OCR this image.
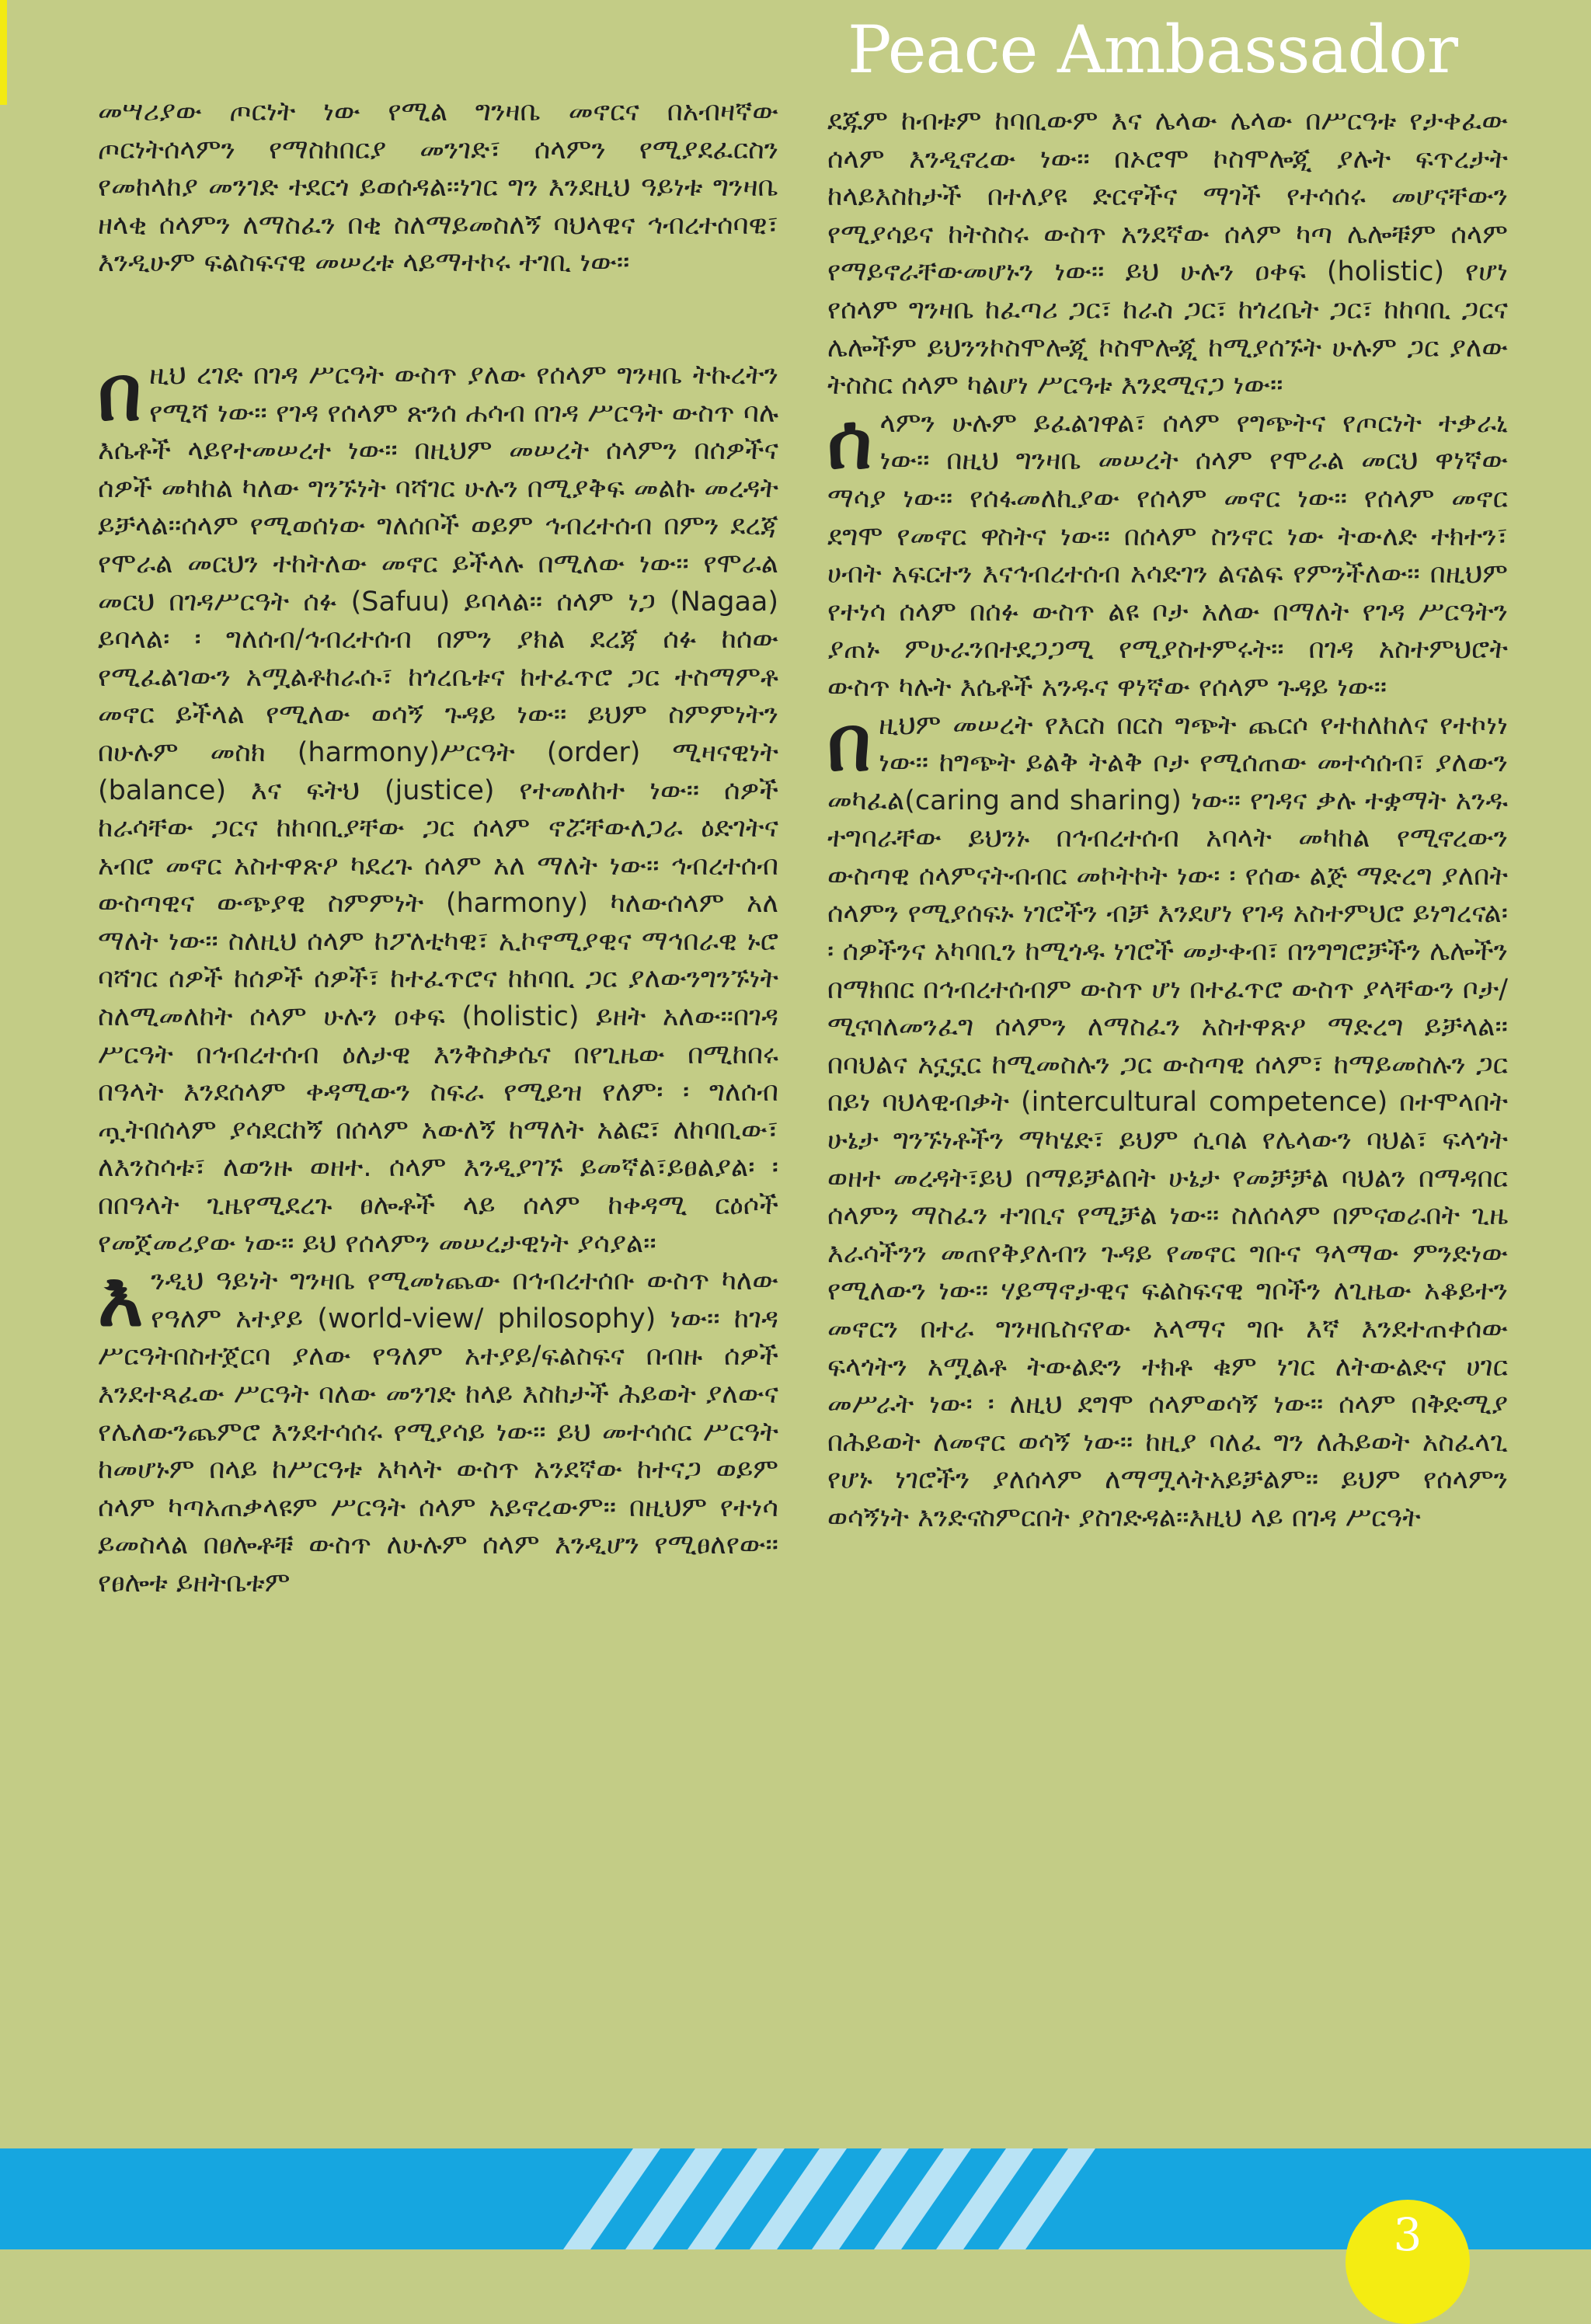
Peace Ambassador

መሣሪያው ጦርነት ነው የሚል ግንዛቤ መኖርና በአብዛኛው ጦርነትሰላምን የማስከበርያ መንገድ፣ ሰላምን የሚያደፈርስን የመከላከያ መንገድ ተደርጎ ይወሰዳል፡፡ነገር ግን እንደዚህ ዓይነቱ ግንዛቤ ዘላቂ ሰላምን ለማስፈን በቂ ስለማይመስለኝ ባህላዊና ኅብረተሰባዊ፣ እንዲሁም ፍልስፍናዊ መሠረቱ ላይማተኮሩ ተገቢ ነው፡፡

በዚህ ረገድ በገዳ ሥርዓት ውስጥ ያለው የሰላም ግንዛቤ ትኩረትን የሚሻ ነው፡፡ የገዳ የሰላም ጽንሰ ሐሳብ በገዳ ሥርዓት ውስጥ ባሉ እሴቶች ላይየተመሠረተ ነው፡፡ በዚህም መሠረት ሰላምን በሰዎችና ሰዎች መካከል ካለው ግንኙነት ባሻገር ሁሉን በሚያቅፍ መልኩ መረዳት ይቻላል፡፡ሰላም የሚወሰነው ግለሰቦች ወይም ኅብረተሰብ በምን ደረጃ የሞራል መርህን ተከትለው መኖር ይችላሉ በሚለው ነው፡፡ የሞራል መርህ በገዳሥርዓት ሰፉ (Safuu) ይባላል፡፡ ሰላም ነጋ (Nagaa) ይባላል፡ ፡ ግለሰብ/ኅብረተሰብ በምን ያክል ደረጃ ሰፉ ከሰው የሚፈልገውን አሟልቶከራሱ፣ ከጎረቤቱና ከተፈጥሮ ጋር ተስማምቶ መኖር ይችላል የሚለው ወሳኝ ጉዳይ ነው፡፡ ይህም ስምምነትን በሁሉም መስክ (harmony)ሥርዓት (order) ሚዛናዊነት (balance) እና ፍትህ (justice) የተመለከተ ነው፡፡ ሰዎች ከራሳቸው ጋርና ከከባቢያቸው ጋር ሰላም ኖሯቸውለጋራ ዕድገትና አብሮ መኖር አስተዋጽዖ ካደረጉ ሰላም አለ ማለት ነው፡፡ ኅብረተሰብ ውስጣዊና ውጭያዊ ስምምነት (harmony) ካለውሰላም አለ ማለት ነው፡፡ ስለዚህ ሰላም ከፖለቲካዊ፣ ኢኮኖሚያዊና ማኅበራዊ ኑሮ ባሻገር ሰዎች ከሰዎች ሰዎች፣ ከተፈጥሮና ከከባቢ ጋር ያለውንግንኙነት ስለሚመለከት ሰላም ሁሉን ዐቀፍ (holistic) ይዘት አለው፡፡በገዳ ሥርዓት በኅብረተሰብ ዕለታዊ እንቅስቃሴና በየጊዜው በሚከበሩ በዓላት እንደሰላም ቀዳሚውን ስፍራ የሚይዝ የለም፡ ፡ ግለሰብ ጧትበሰላም ያሳደርከኝ በሰላም አውለኝ ከማለት አልፎ፣ ለከባቢው፣ ለእንስሳቱ፣ ለወንዙ ወዘተ. ሰላም እንዲያገኙ ይመኛል፣ይፀልያል፡ ፡ በበዓላት ጊዜየሚደረጉ ፀሎቶች ላይ ሰላም ከቀዳሚ ርዕሶች የመጀመሪያው ነው፡፡ ይህ የሰላምን መሠረታዊነት ያሳያል፡፡

እንዲህ ዓይነት ግንዛቤ የሚመነጨው በኅብረተሰቡ ውስጥ ካለው የዓለም አተያይ (world-view/ philosophy) ነው፡፡ ከገዳ ሥርዓትበስተጀርባ ያለው የዓለም አተያይ/ፍልስፍና በብዙ ሰዎች እንደተጻፈው ሥርዓት ባለው መንገድ ከላይ እስከታች ሕይወት ያለውና የሌለውንጨምሮ እንደተሳሰሩ የሚያሳይ ነው፡፡ ይህ መተሳሰር ሥርዓት ከመሆኑም በላይ ከሥርዓቱ አካላት ውስጥ አንደኛው ከተናጋ ወይም ሰላም ካጣአጠቃላዩም ሥርዓት ሰላም አይኖረውም፡፡ በዚህም የተነሳ ይመስላል በፀሎቶቹ ውስጥ ለሁሉም ሰላም እንዲሆን የሚፀለየው፡፡ የፀሎቱ ይዘትቤቱም

ደጁም ከብቱም ከባቢውም እና ሌላው ሌላው በሥርዓቱ የታቀፈው ሰላም እንዲኖረው ነው፡፡ በኦሮሞ ኮስሞሎጂ ያሉት ፍጥረታት ከላይእስከታች በተለያዩ ድርኖችና ማገች የተሳሰሩ መሆናቸውን የሚያሳይና ከትስስሩ ውስጥ አንደኛው ሰላም ካጣ ሌሎቹም ሰላም የማይኖራቸውመሆኑን ነው፡፡ ይህ ሁሉን ዐቀፍ (holistic) የሆነ የሰላም ግንዛቤ ከፈጣሪ ጋር፣ ከራስ ጋር፣ ከጎረቤት ጋር፣ ከከባቢ ጋርና ሌሎችም ይህንንኮስሞሎጂ ኮስሞሎጂ ከሚያሰኙት ሁሉም ጋር ያለው ትስስር ሰላም ካልሆነ ሥርዓቱ እንደሚናጋ ነው፡፡

ሰላምን ሁሉም ይፈልገዋል፣ ሰላም የግጭትና የጦርነት ተቃራኒ ነው፡፡ በዚህ ግንዛቤ መሠረት ሰላም የሞራል መርህ ዋነኛው ማሳያ ነው፡፡ የሰፋመለኪያው የሰላም መኖር ነው፡፡ የሰላም መኖር ደግሞ የመኖር ዋስትና ነው፡፡ በሰላም ስንኖር ነው ትውለድ ተክተን፣ ሀብት አፍርተን እናኅብረተሰብ አሳድገን ልናልፍ የምንችለው፡፡ በዚህም የተነሳ ሰላም በሰፉ ውስጥ ልዩ ቦታ አለው በማለት የገዳ ሥርዓትን ያጠኑ ምሁራንበተደጋጋሚ የሚያስተምሩት፡፡ በገዳ አስተምህሮት ውስጥ ካሉት እሴቶች አንዱና ዋነኛው የሰላም ጉዳይ ነው፡፡

በዚህም መሠረት የእርስ በርስ ግጭት ጨርሶ የተከለከለና የተኮነነ ነው፡፡ ከግጭት ይልቅ ትልቅ ቦታ የሚሰጠው መተሳሰብ፣ ያለውን መካፈል(caring and sharing) ነው፡፡ የገዳና ቃሉ ተቋማት አንዱ ተግባራቸው ይህንኑ በኅብረተሰብ አባላት መካከል የሚኖረውን ውስጣዊ ሰላምናትብብር መኮትኮት ነው፡ ፡ የሰው ልጅ ማድረግ ያለበት ሰላምን የሚያሰፍኑ ነገሮችን ብቻ እንደሆነ የገዳ አስተምህሮ ይነግረናል፡ ፡ ሰዎችንና አካባቢን ከሚጎዱ ነገሮች መታቀብ፣ በንግግሮቻችን ሌሎችን በማክበር በኅብረተሰብም ውስጥ ሆነ በተፈጥሮ ውስጥ ያላቸውን ቦታ/ ሚናባለመንፈግ ሰላምን ለማስፈን አስተዋጽዖ ማድረግ ይቻላል፡፡ በባህልና አኗኗር ከሚመስሉን ጋር ውስጣዊ ሰላም፣ ከማይመስሉን ጋር በይነ ባህላዊብቃት (intercultural competence) በተሞላበት ሁኔታ ግንኙነቶችን ማካሄድ፣ ይህም ሲባል የሌላውን ባህል፣ ፍላጎት ወዘተ መረዳት፣ይህ በማይቻልበት ሁኔታ የመቻቻል ባህልን በማዳበር ሰላምን ማስፈን ተገቢና የሚቻል ነው፡፡ ስለሰላም በምናወራበት ጊዜ እራሳችንን መጠየቅያለብን ጉዳይ የመኖር ግቡና ዓላማው ምንድነው የሚለውን ነው፡፡ ሃይማኖታዊና ፍልስፍናዊ ግቦችን ለጊዜው አቆይተን መኖርን በተራ ግንዛቤስናየው አላማና ግቡ እኛ እንደተጠቀሰው ፍላጎትን አሟልቶ ትውልድን ተክቶ ቁም ነገር ለትውልድና ሀገር መሥራት ነው፡ ፡ ለዚህ ደግሞ ሰላምወሳኝ ነው፡፡ ሰላም በቅድሚያ በሕይወት ለመኖር ወሳኝ ነው፡፡ ከዚያ ባለፈ ግን ለሕይወት አስፈላጊ የሆኑ ነገሮችን ያለሰላም ለማሟላትአይቻልም፡፡ ይህም የሰላምን ወሳኝነት እንድናስምርበት ያስገድዳል፡፡እዚህ ላይ በገዳ ሥርዓት

3
